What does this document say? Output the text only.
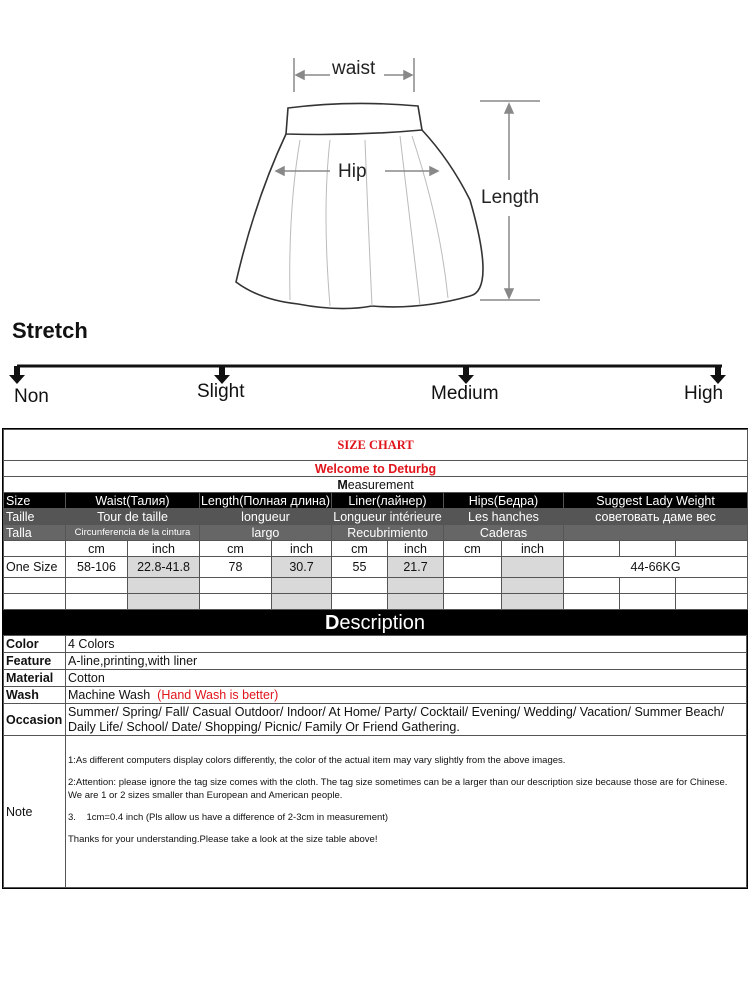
waist
Hip
Length
Stretch
Non	Slight	Medium	High
SIZE CHART											
Welcome to Deturbg											
Measurement											
Size	Waist(Талия)		Length(Полная длина)		Liner(лайнер)		Hips(Бедра)		Suggest Lady Weight		
Taille	Tour de taille		longueur		Longueur intérieure		Les hanches		советовать даме вес		
Talla	Circunferencia de la cintura		largo		Recubrimiento		Caderas				
	cm	inch	cm	inch	cm	inch	cm	inch			
One Size	58-106	22.8-41.8	78	30.7	55	21.7			44-66KG		

Description
Color	4 Colors
Feature	A-line,printing,with liner
Material	Cotton
Wash	Machine Wash (Hand Wash is better)
Occasion	Summer/ Spring/ Fall/ Casual Outdoor/ Indoor/ At Home/ Party/ Cocktail/ Evening/ Wedding/ Vacation/ Summer Beach/ Daily Life/ School/ Date/ Shopping/ Picnic/ Family Or Friend Gathering.
Note	1:As different computers display colors differently, the color of the actual item may vary slightly from the above images.

2:Attention: please ignore the tag size comes with the cloth. The tag size sometimes can be a larger than our description size because those are for Chinese. We are 1 or 2 sizes smaller than European and American people.

3.    1cm=0.4 inch (Pls allow us have a difference of 2-3cm in measurement)

Thanks for your understanding.Please take a look at the size table above!
